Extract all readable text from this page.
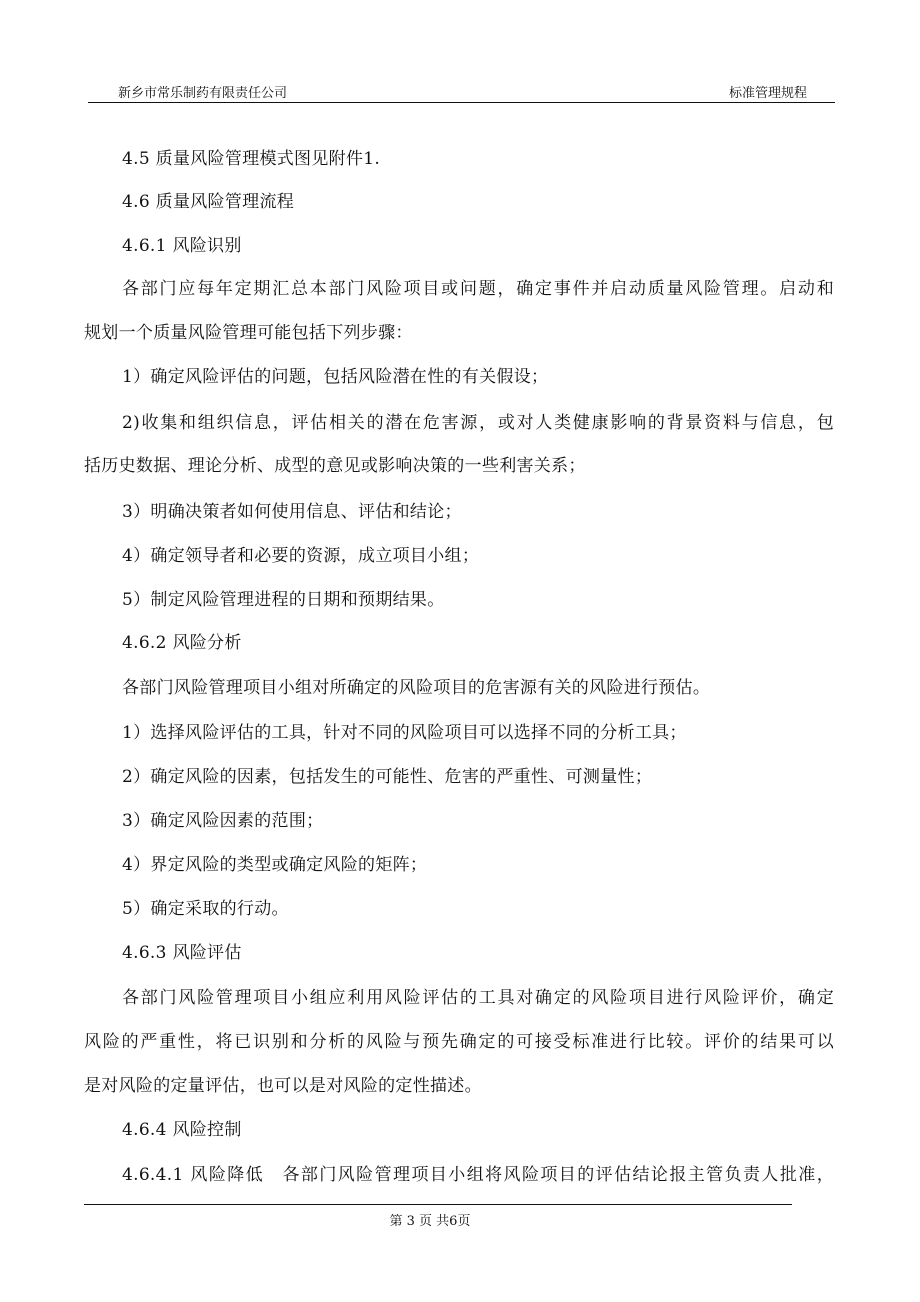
新乡市常乐制药有限责任公司	标准管理规程
4.5 质量风险管理模式图见附件1.
4.6 质量风险管理流程
4.6.1 风险识别
各部门应每年定期汇总本部门风险项目或问题，确定事件并启动质量风险管理。启动和
规划一个质量风险管理可能包括下列步骤：
1）确定风险评估的问题，包括风险潜在性的有关假设；
2)收集和组织信息，评估相关的潜在危害源，或对人类健康影响的背景资料与信息，包
括历史数据、理论分析、成型的意见或影响决策的一些利害关系；
3）明确决策者如何使用信息、评估和结论；
4）确定领导者和必要的资源，成立项目小组；
5）制定风险管理进程的日期和预期结果。
4.6.2 风险分析
各部门风险管理项目小组对所确定的风险项目的危害源有关的风险进行预估。
1）选择风险评估的工具，针对不同的风险项目可以选择不同的分析工具；
2）确定风险的因素，包括发生的可能性、危害的严重性、可测量性；
3）确定风险因素的范围；
4）界定风险的类型或确定风险的矩阵；
5）确定采取的行动。
4.6.3 风险评估
各部门风险管理项目小组应利用风险评估的工具对确定的风险项目进行风险评价，确定
风险的严重性，将已识别和分析的风险与预先确定的可接受标准进行比较。评价的结果可以
是对风险的定量评估，也可以是对风险的定性描述。
4.6.4 风险控制
4.6.4.1 风险降低　各部门风险管理项目小组将风险项目的评估结论报主管负责人批准，
第 3 页 共6页
